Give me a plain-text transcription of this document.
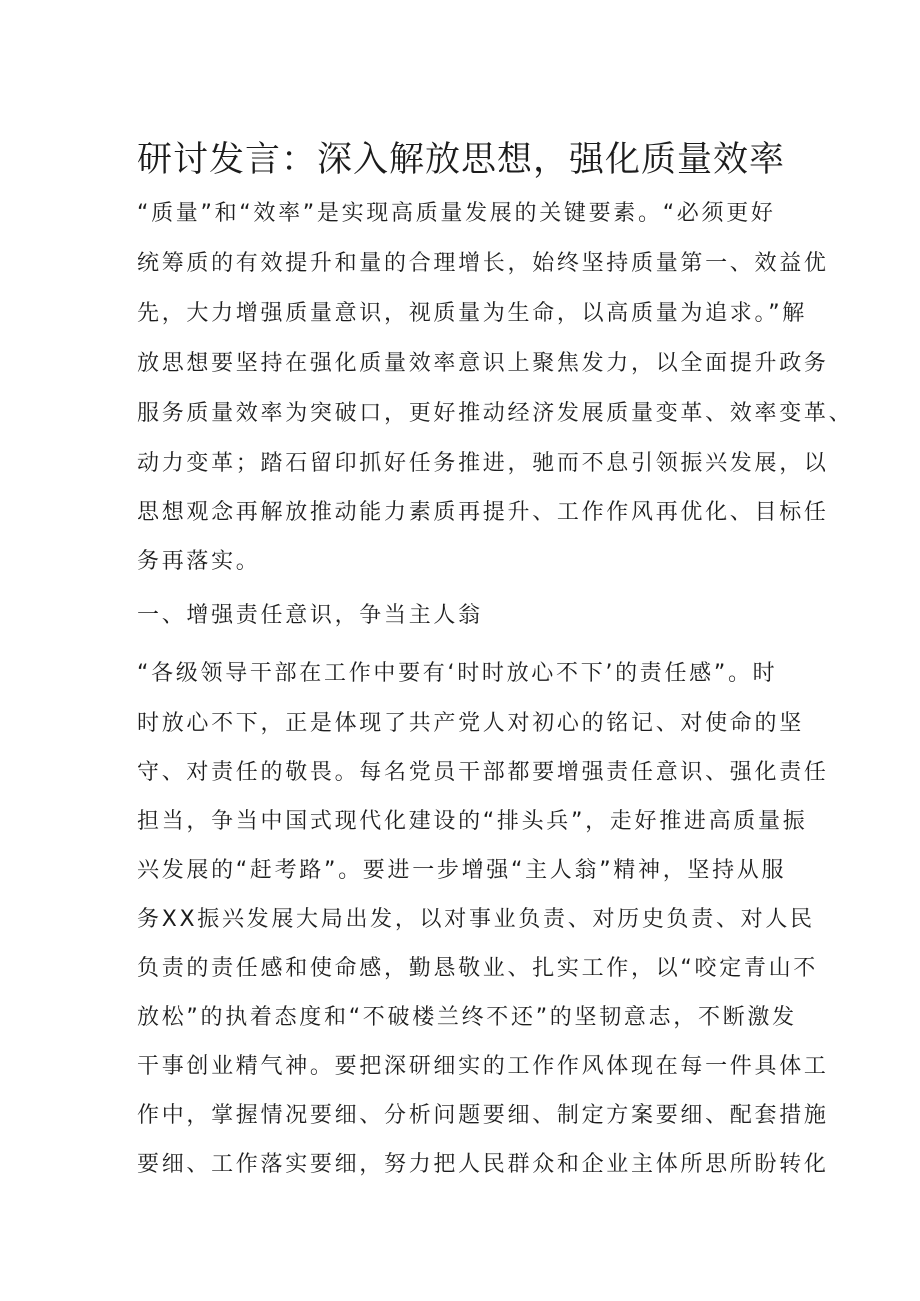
研讨发言：深入解放思想，强化质量效率
“质量”和“效率”是实现高质量发展的关键要素。“必须更好
统筹质的有效提升和量的合理增长，始终坚持质量第一、效益优
先，大力增强质量意识，视质量为生命，以高质量为追求。”解
放思想要坚持在强化质量效率意识上聚焦发力，以全面提升政务
服务质量效率为突破口，更好推动经济发展质量变革、效率变革、
动力变革；踏石留印抓好任务推进，驰而不息引领振兴发展，以
思想观念再解放推动能力素质再提升、工作作风再优化、目标任
务再落实。
一、增强责任意识，争当主人翁
“各级领导干部在工作中要有‘时时放心不下’的责任感”。时
时放心不下，正是体现了共产党人对初心的铭记、对使命的坚
守、对责任的敬畏。每名党员干部都要增强责任意识、强化责任
担当，争当中国式现代化建设的“排头兵”，走好推进高质量振
兴发展的“赶考路”。要进一步增强“主人翁”精神，坚持从服
务XX振兴发展大局出发，以对事业负责、对历史负责、对人民
负责的责任感和使命感，勤恳敬业、扎实工作，以“咬定青山不
放松”的执着态度和“不破楼兰终不还”的坚韧意志，不断激发
干事创业精气神。要把深研细实的工作作风体现在每一件具体工
作中，掌握情况要细、分析问题要细、制定方案要细、配套措施
要细、工作落实要细，努力把人民群众和企业主体所思所盼转化
